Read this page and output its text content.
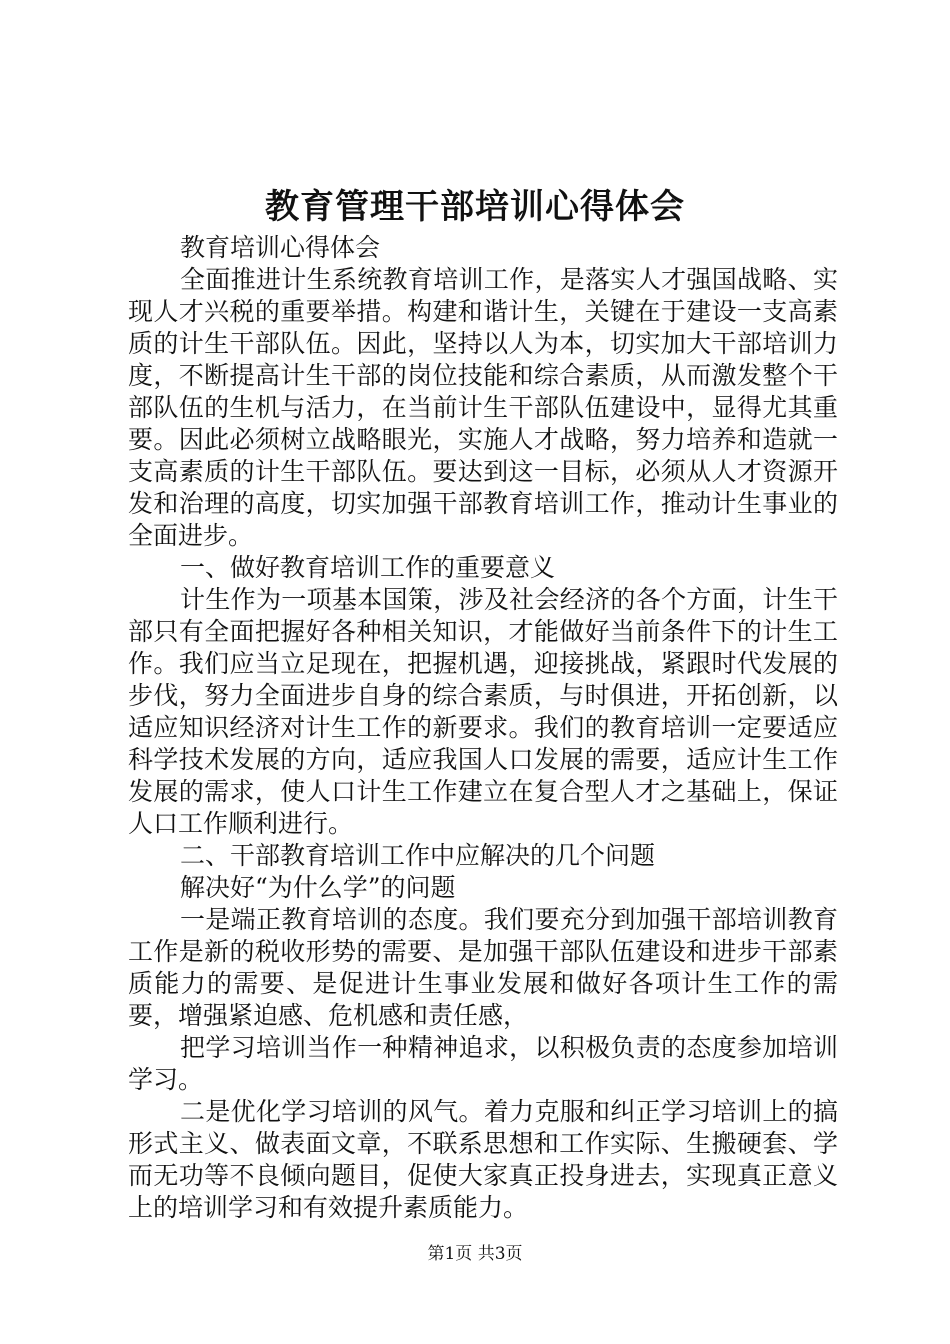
教育管理干部培训心得体会

教育培训心得体会

全面推进计生系统教育培训工作，是落实人才强国战略、实现人才兴税的重要举措。构建和谐计生，关键在于建设一支高素质的计生干部队伍。因此，坚持以人为本，切实加大干部培训力度，不断提高计生干部的岗位技能和综合素质，从而激发整个干部队伍的生机与活力，在当前计生干部队伍建设中，显得尤其重要。因此必须树立战略眼光，实施人才战略，努力培养和造就一支高素质的计生干部队伍。要达到这一目标，必须从人才资源开发和治理的高度，切实加强干部教育培训工作，推动计生事业的全面进步。

一、做好教育培训工作的重要意义

计生作为一项基本国策，涉及社会经济的各个方面，计生干部只有全面把握好各种相关知识，才能做好当前条件下的计生工作。我们应当立足现在，把握机遇，迎接挑战，紧跟时代发展的步伐，努力全面进步自身的综合素质，与时俱进，开拓创新，以适应知识经济对计生工作的新要求。我们的教育培训一定要适应科学技术发展的方向，适应我国人口发展的需要，适应计生工作发展的需求，使人口计生工作建立在复合型人才之基础上，保证人口工作顺利进行。

二、干部教育培训工作中应解决的几个问题

解决好“为什么学”的问题

一是端正教育培训的态度。我们要充分到加强干部培训教育工作是新的税收形势的需要、是加强干部队伍建设和进步干部素质能力的需要、是促进计生事业发展和做好各项计生工作的需要，增强紧迫感、危机感和责任感，

把学习培训当作一种精神追求，以积极负责的态度参加培训学习。

二是优化学习培训的风气。着力克服和纠正学习培训上的搞形式主义、做表面文章，不联系思想和工作实际、生搬硬套、学而无功等不良倾向题目，促使大家真正投身进去，实现真正意义上的培训学习和有效提升素质能力。

第1页 共3页
